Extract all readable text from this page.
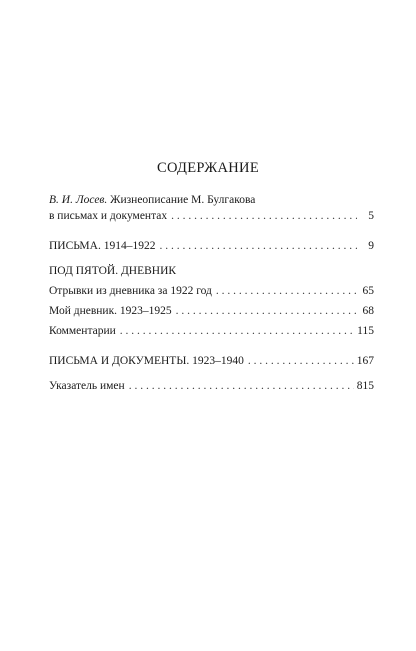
СОДЕРЖАНИЕ
В. И. Лосев. Жизнеописание М. Булгакова
в письмах и документах . . .	5
ПИСЬМА. 1914–1922 . . .	9
ПОД ПЯТОЙ. ДНЕВНИК
Отрывки из дневника за 1922 год . . .	65
Мой дневник. 1923–1925 . . .	68
Комментарии . . .	115
ПИСЬМА И ДОКУМЕНТЫ. 1923–1940 . . .	167
Указатель имен . . .	815
